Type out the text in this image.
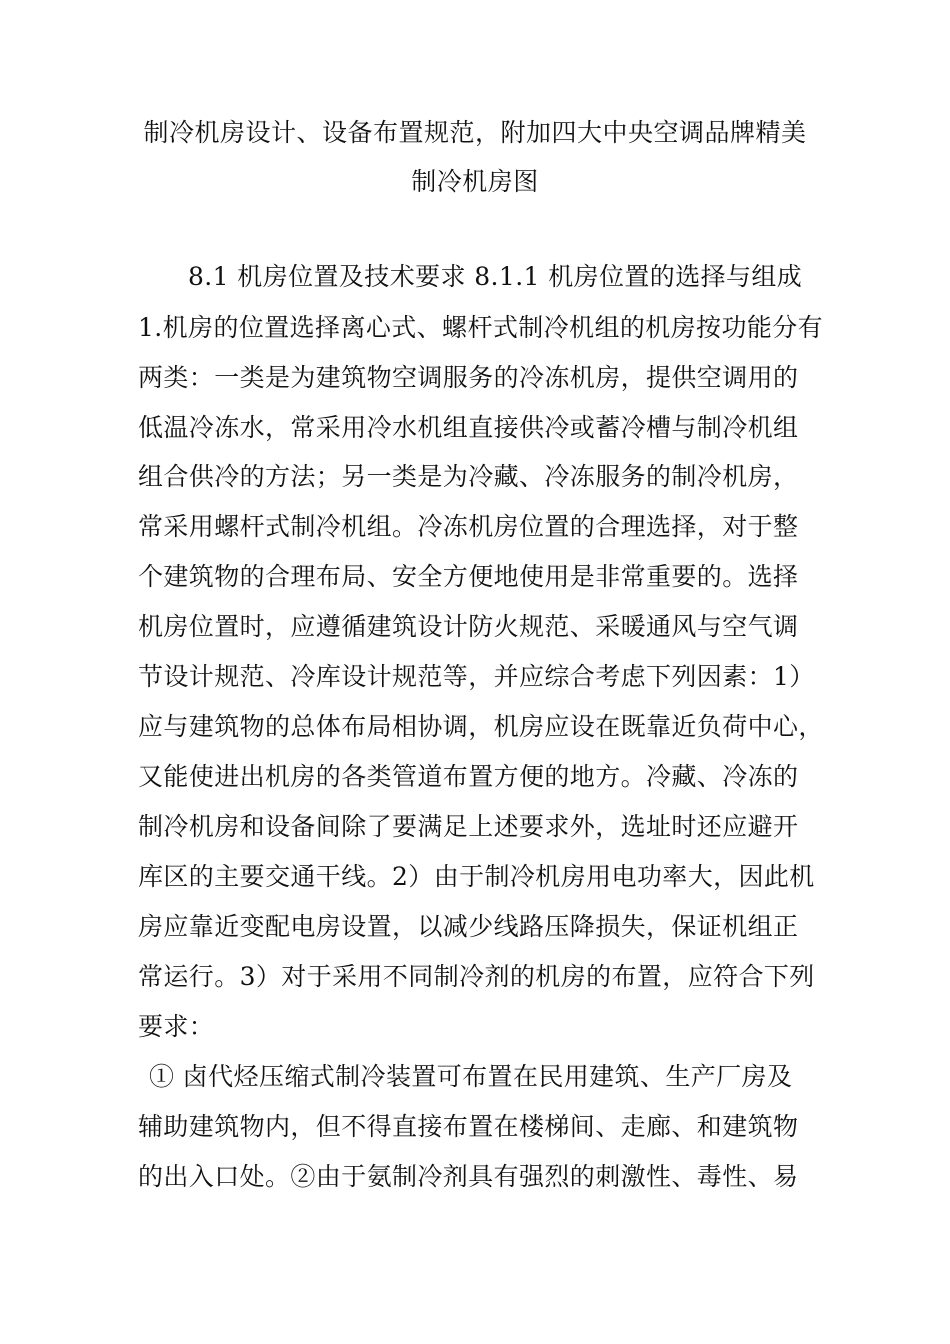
制冷机房设计、设备布置规范，附加四大中央空调品牌精美
制冷机房图
8.1 机房位置及技术要求 8.1.1 机房位置的选择与组成
1.机房的位置选择离心式、螺杆式制冷机组的机房按功能分有
两类：一类是为建筑物空调服务的冷冻机房，提供空调用的
低温冷冻水，常采用冷水机组直接供冷或蓄冷槽与制冷机组
组合供冷的方法；另一类是为冷藏、冷冻服务的制冷机房，
常采用螺杆式制冷机组。冷冻机房位置的合理选择，对于整
个建筑物的合理布局、安全方便地使用是非常重要的。选择
机房位置时，应遵循建筑设计防火规范、采暖通风与空气调
节设计规范、冷库设计规范等，并应综合考虑下列因素：1）
应与建筑物的总体布局相协调，机房应设在既靠近负荷中心，
又能使进出机房的各类管道布置方便的地方。冷藏、冷冻的
制冷机房和设备间除了要满足上述要求外，选址时还应避开
库区的主要交通干线。2）由于制冷机房用电功率大，因此机
房应靠近变配电房设置，以减少线路压降损失，保证机组正
常运行。3）对于采用不同制冷剂的机房的布置，应符合下列
要求：
① 卤代烃压缩式制冷装置可布置在民用建筑、生产厂房及
辅助建筑物内，但不得直接布置在楼梯间、走廊、和建筑物
的出入口处。②由于氨制冷剂具有强烈的刺激性、毒性、易
